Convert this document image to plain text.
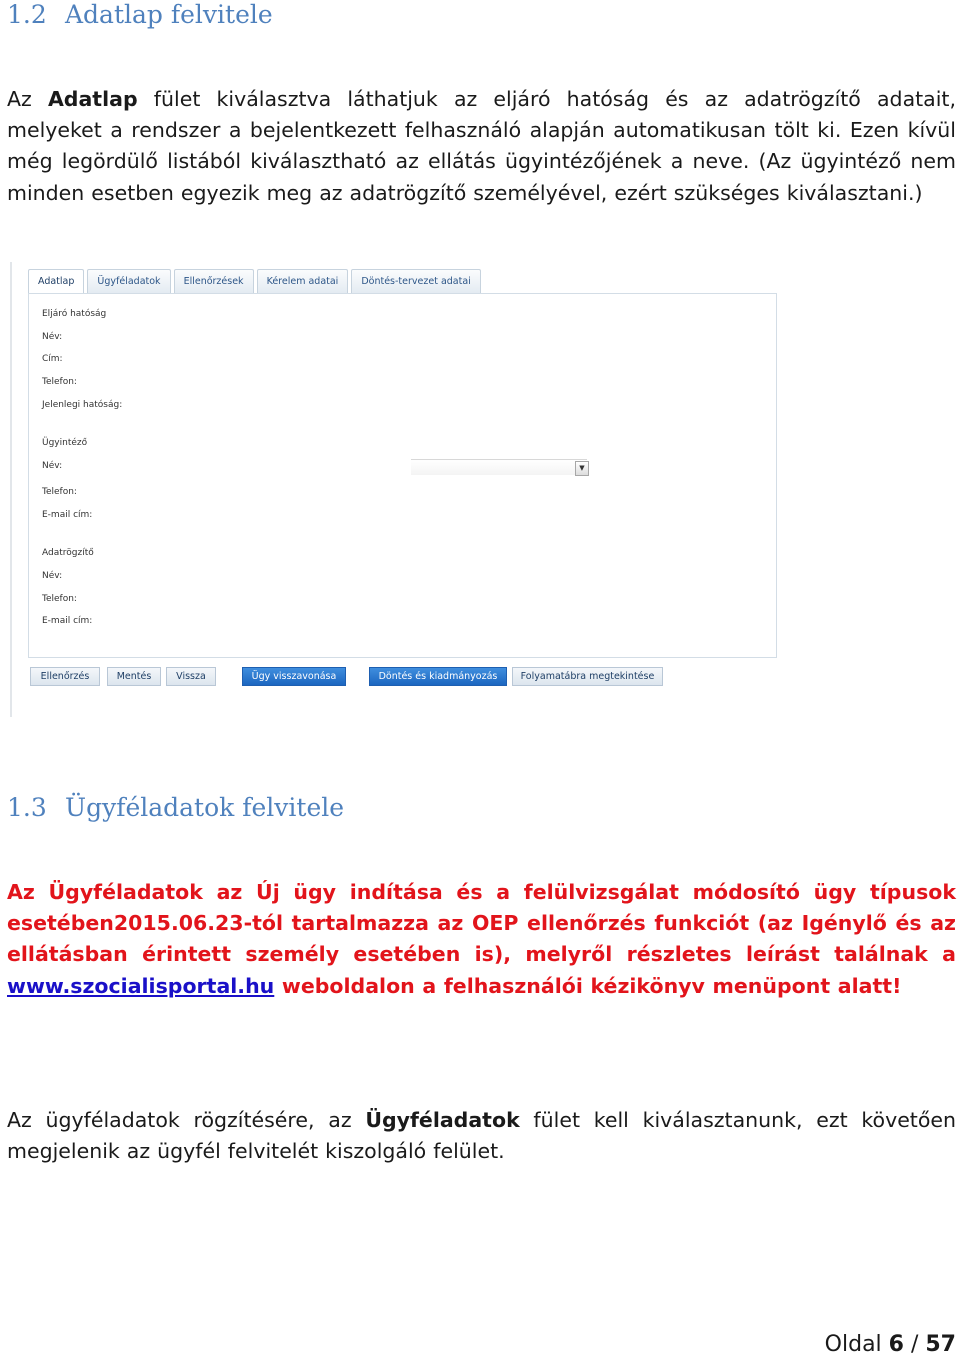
1.2 Adatlap felvitele

Az Adatlap fület kiválasztva láthatjuk az eljáró hatóság és az adatrögzítő adatait, melyeket a rendszer a bejelentkezett felhasználó alapján automatikusan tölt ki. Ezen kívül még legördülő listából kiválasztható az ellátás ügyintézőjének a neve. (Az ügyintéző nem minden esetben egyezik meg az adatrögzítő személyével, ezért szükséges kiválasztani.)

Adatlap	Ügyféladatok	Ellenőrzések	Kérelem adatai	Döntés-tervezet adatai
Eljáró hatóság
Név:
Cím:
Telefon:
Jelenlegi hatóság:
Ügyintéző
Név:	▼
Telefon:
E-mail cím:
Adatrögzítő
Név:
Telefon:
E-mail cím:
Ellenőrzés	Mentés	Vissza	Ügy visszavonása	Döntés és kiadmányozás	Folyamatábra megtekintése
1.3 Ügyféladatok felvitele

Az Ügyféladatok az Új ügy indítása és a felülvizsgálat módosító ügy típusok esetében2015.06.23-tól tartalmazza az OEP ellenőrzés funkciót (az Igénylő és az ellátásban érintett személy esetében is), melyről részletes leírást találnak a www.szocialisportal.hu weboldalon a felhasználói kézikönyv menüpont alatt!

Az ügyféladatok rögzítésére, az Ügyféladatok fület kell kiválasztanunk, ezt követően megjelenik az ügyfél felvitelét kiszolgáló felület.

Oldal 6 / 57
